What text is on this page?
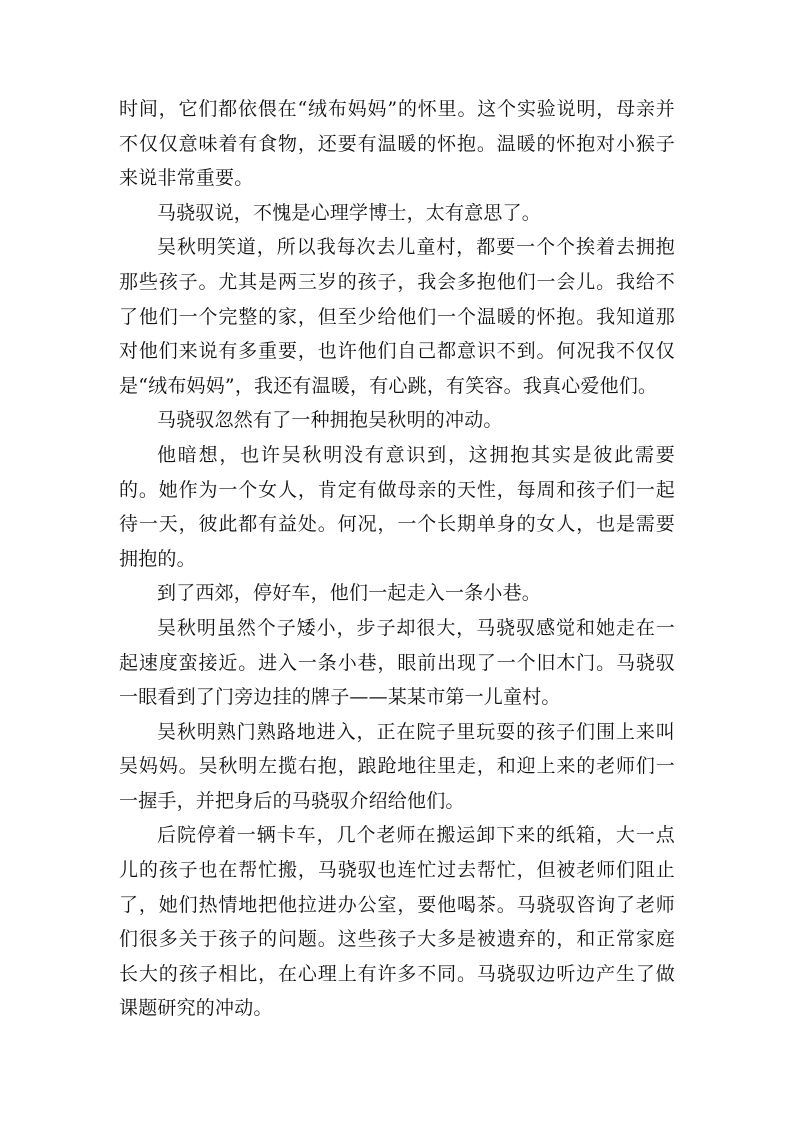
时间，它们都依偎在“绒布妈妈”的怀里。这个实验说明，母亲并不仅仅意味着有食物，还要有温暖的怀抱。温暖的怀抱对小猴子来说非常重要。

马骁驭说，不愧是心理学博士，太有意思了。

吴秋明笑道，所以我每次去儿童村，都要一个个挨着去拥抱那些孩子。尤其是两三岁的孩子，我会多抱他们一会儿。我给不了他们一个完整的家，但至少给他们一个温暖的怀抱。我知道那对他们来说有多重要，也许他们自己都意识不到。何况我不仅仅是“绒布妈妈”，我还有温暖，有心跳，有笑容。我真心爱他们。

马骁驭忽然有了一种拥抱吴秋明的冲动。

他暗想，也许吴秋明没有意识到，这拥抱其实是彼此需要的。她作为一个女人，肯定有做母亲的天性，每周和孩子们一起待一天，彼此都有益处。何况，一个长期单身的女人，也是需要拥抱的。

到了西郊，停好车，他们一起走入一条小巷。

吴秋明虽然个子矮小，步子却很大，马骁驭感觉和她走在一起速度蛮接近。进入一条小巷，眼前出现了一个旧木门。马骁驭一眼看到了门旁边挂的牌子——某某市第一儿童村。

吴秋明熟门熟路地进入，正在院子里玩耍的孩子们围上来叫吴妈妈。吴秋明左揽右抱，踉跄地往里走，和迎上来的老师们一一握手，并把身后的马骁驭介绍给他们。

后院停着一辆卡车，几个老师在搬运卸下来的纸箱，大一点儿的孩子也在帮忙搬，马骁驭也连忙过去帮忙，但被老师们阻止了，她们热情地把他拉进办公室，要他喝茶。马骁驭咨询了老师们很多关于孩子的问题。这些孩子大多是被遗弃的，和正常家庭长大的孩子相比，在心理上有许多不同。马骁驭边听边产生了做课题研究的冲动。
